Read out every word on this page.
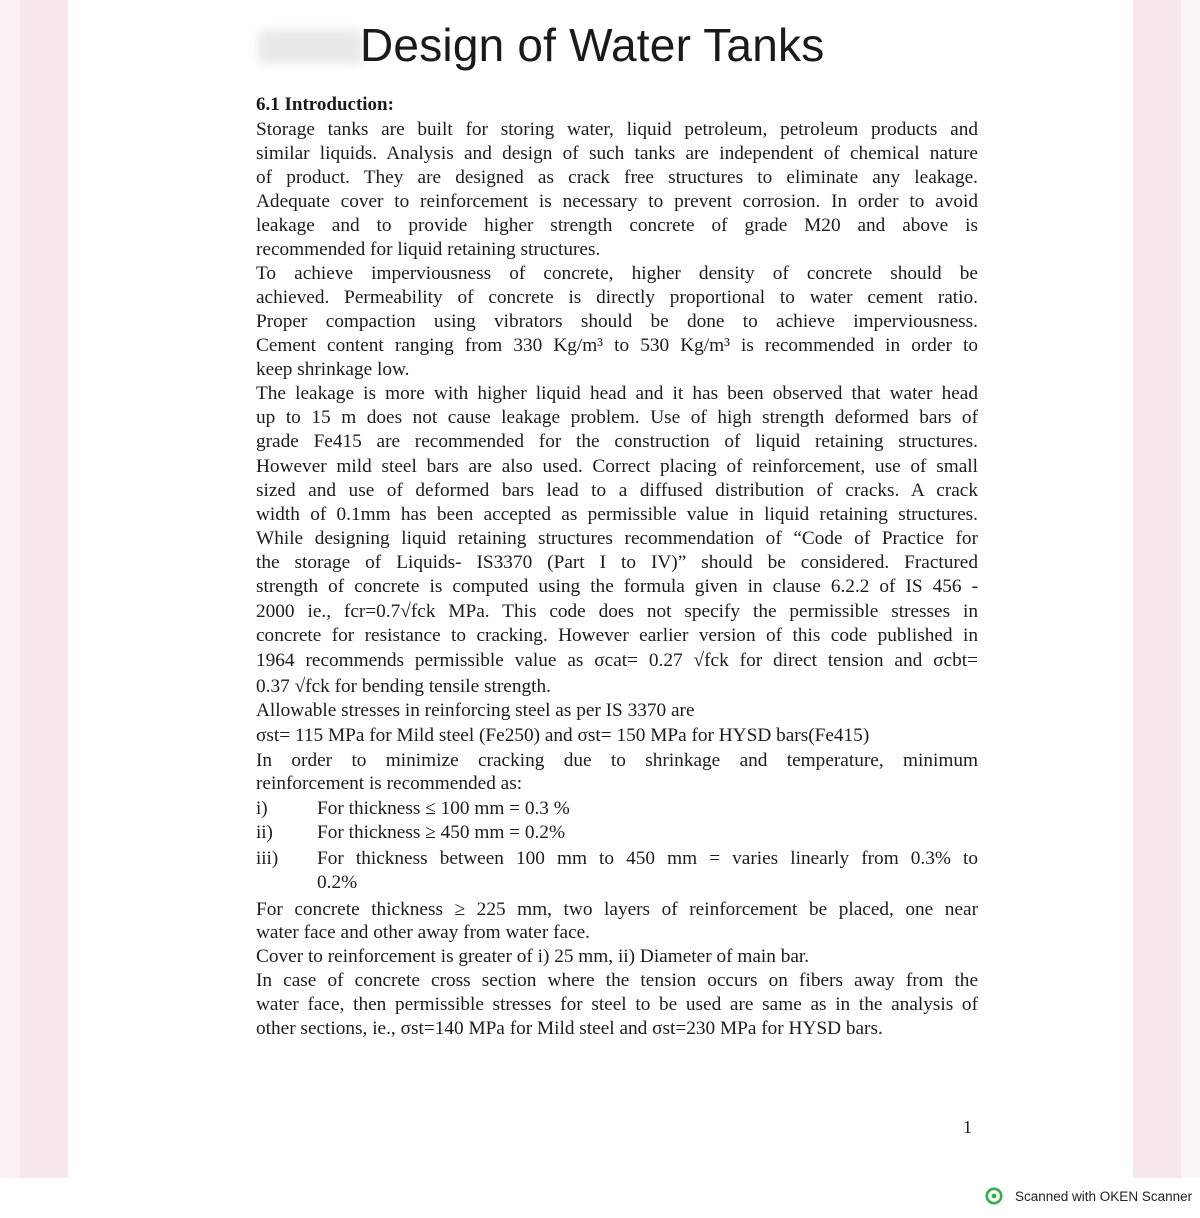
Design of Water Tanks
6.1 Introduction:
Storage tanks are built for storing water, liquid petroleum, petroleum products and
similar liquids. Analysis and design of such tanks are independent of chemical nature
of product. They are designed as crack free structures to eliminate any leakage.
Adequate cover to reinforcement is necessary to prevent corrosion. In order to avoid
leakage and to provide higher strength concrete of grade M20 and above is
recommended for liquid retaining structures.
To achieve imperviousness of concrete, higher density of concrete should be
achieved. Permeability of concrete is directly proportional to water cement ratio.
Proper compaction using vibrators should be done to achieve imperviousness.
Cement content ranging from 330 Kg/m³ to 530 Kg/m³ is recommended in order to
keep shrinkage low.
The leakage is more with higher liquid head and it has been observed that water head
up to 15 m does not cause leakage problem. Use of high strength deformed bars of
grade Fe415 are recommended for the construction of liquid retaining structures.
However mild steel bars are also used. Correct placing of reinforcement, use of small
sized and use of deformed bars lead to a diffused distribution of cracks. A crack
width of 0.1mm has been accepted as permissible value in liquid retaining structures.
While designing liquid retaining structures recommendation of “Code of Practice for
the storage of Liquids- IS3370 (Part I to IV)” should be considered. Fractured
strength of concrete is computed using the formula given in clause 6.2.2 of IS 456 -
2000 ie., fcr=0.7√fck MPa. This code does not specify the permissible stresses in
concrete for resistance to cracking. However earlier version of this code published in
1964 recommends permissible value as σcat= 0.27 √fck for direct tension and σcbt=
0.37 √fck for bending tensile strength.
Allowable stresses in reinforcing steel as per IS 3370 are
σst= 115 MPa for Mild steel (Fe250) and σst= 150 MPa for HYSD bars(Fe415)
In order to minimize cracking due to shrinkage and temperature, minimum
reinforcement is recommended as:
i)	For thickness ≤ 100 mm = 0.3 %
ii) For thickness ≥ 450 mm = 0.2%
iii) For thickness between 100 mm to 450 mm = varies linearly from 0.3% to
0.2%
For concrete thickness ≥ 225 mm, two layers of reinforcement be placed, one near
water face and other away from water face.
Cover to reinforcement is greater of i) 25 mm, ii) Diameter of main bar.
In case of concrete cross section where the tension occurs on fibers away from the
water face, then permissible stresses for steel to be used are same as in the analysis of
other sections, ie., σst=140 MPa for Mild steel and σst=230 MPa for HYSD bars.
1
Scanned with OKEN Scanner
